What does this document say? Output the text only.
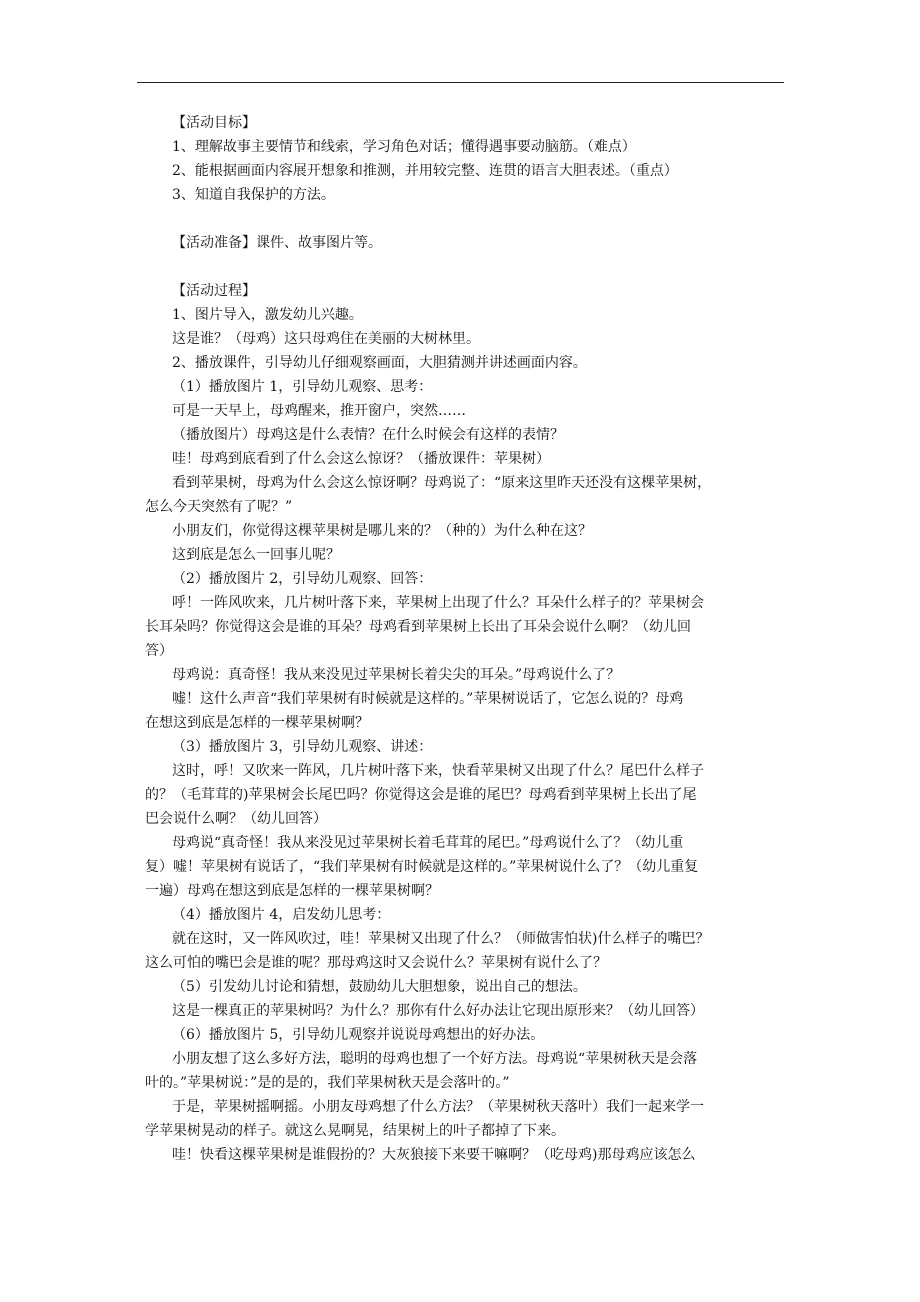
【活动目标】

1、理解故事主要情节和线索，学习角色对话；懂得遇事要动脑筋。（难点）

2、能根据画面内容展开想象和推测，并用较完整、连贯的语言大胆表述。（重点）

3、知道自我保护的方法。

【活动准备】课件、故事图片等。

【活动过程】

1、图片导入，激发幼儿兴趣。

这是谁？（母鸡）这只母鸡住在美丽的大树林里。

2、播放课件，引导幼儿仔细观察画面，大胆猜测并讲述画面内容。

（1）播放图片 1，引导幼儿观察、思考：

可是一天早上，母鸡醒来，推开窗户，突然……

（播放图片）母鸡这是什么表情？在什么时候会有这样的表情？

哇！母鸡到底看到了什么会这么惊讶？（播放课件：苹果树）

看到苹果树，母鸡为什么会这么惊讶啊？母鸡说了：“原来这里昨天还没有这棵苹果树，

怎么今天突然有了呢？”

小朋友们，你觉得这棵苹果树是哪儿来的？（种的）为什么种在这？

这到底是怎么一回事儿呢？

（2）播放图片 2，引导幼儿观察、回答：

呼！一阵风吹来，几片树叶落下来，苹果树上出现了什么？耳朵什么样子的？苹果树会

长耳朵吗？你觉得这会是谁的耳朵？母鸡看到苹果树上长出了耳朵会说什么啊？（幼儿回

答）

母鸡说：真奇怪！我从来没见过苹果树长着尖尖的耳朵。”母鸡说什么了？

嘘！这什么声音“我们苹果树有时候就是这样的。”苹果树说话了，它怎么说的？母鸡

在想这到底是怎样的一棵苹果树啊？

（3）播放图片 3，引导幼儿观察、讲述：

这时，呼！又吹来一阵风，几片树叶落下来，快看苹果树又出现了什么？尾巴什么样子

的？（毛茸茸的)苹果树会长尾巴吗？你觉得这会是谁的尾巴？母鸡看到苹果树上长出了尾

巴会说什么啊？（幼儿回答）

母鸡说“真奇怪！我从来没见过苹果树长着毛茸茸的尾巴。”母鸡说什么了？（幼儿重

复）嘘！苹果树有说话了，“我们苹果树有时候就是这样的。”苹果树说什么了？（幼儿重复

一遍）母鸡在想这到底是怎样的一棵苹果树啊？

（4）播放图片 4，启发幼儿思考：

就在这时，又一阵风吹过，哇！苹果树又出现了什么？（师做害怕状)什么样子的嘴巴？

这么可怕的嘴巴会是谁的呢？那母鸡这时又会说什么？苹果树有说什么了？

（5）引发幼儿讨论和猜想，鼓励幼儿大胆想象，说出自己的想法。

这是一棵真正的苹果树吗？为什么？那你有什么好办法让它现出原形来？（幼儿回答）

（6）播放图片 5，引导幼儿观察并说说母鸡想出的好办法。

小朋友想了这么多好方法，聪明的母鸡也想了一个好方法。母鸡说“苹果树秋天是会落

叶的。”苹果树说：”是的是的，我们苹果树秋天是会落叶的。”

于是，苹果树摇啊摇。小朋友母鸡想了什么方法？（苹果树秋天落叶）我们一起来学一

学苹果树晃动的样子。就这么晃啊晃，结果树上的叶子都掉了下来。

哇！快看这棵苹果树是谁假扮的？大灰狼接下来要干嘛啊？（吃母鸡)那母鸡应该怎么
